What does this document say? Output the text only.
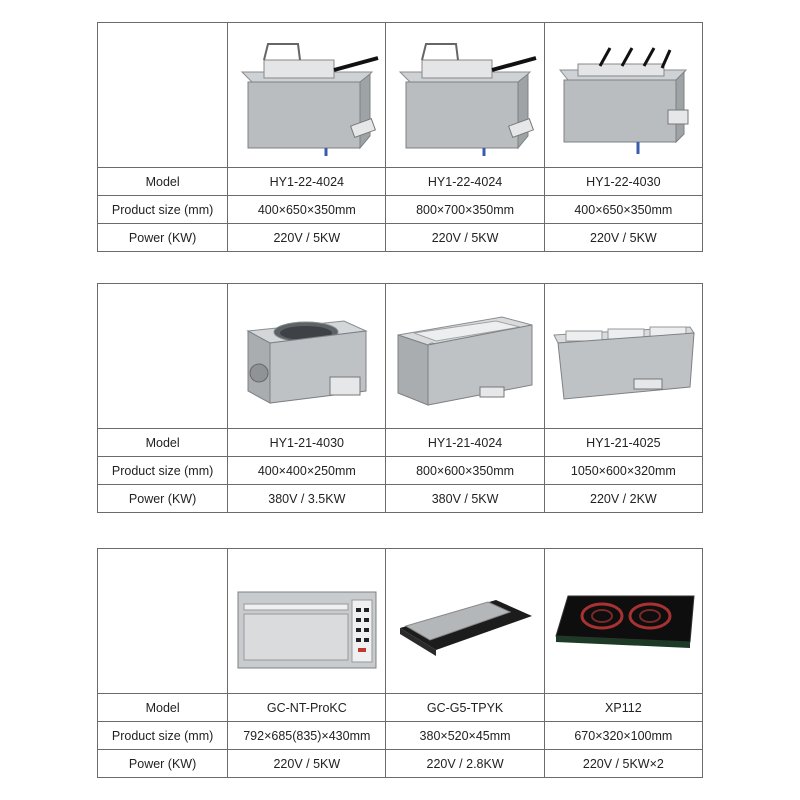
Model	HY1-22-4024	HY1-22-4024	HY1-22-4030
Product size (mm)	400×650×350mm	800×700×350mm	400×650×350mm
Power (KW)	220V / 5KW	220V / 5KW	220V / 5KW

Model	HY1-21-4030	HY1-21-4024	HY1-21-4025
Product size (mm)	400×400×250mm	800×600×350mm	1050×600×320mm
Power (KW)	380V / 3.5KW	380V / 5KW	220V / 2KW

Model	GC-NT-ProKC	GC-G5-TPYK	XP112
Product size (mm)	792×685(835)×430mm	380×520×45mm	670×320×100mm
Power (KW)	220V / 5KW	220V / 2.8KW	220V / 5KW×2
